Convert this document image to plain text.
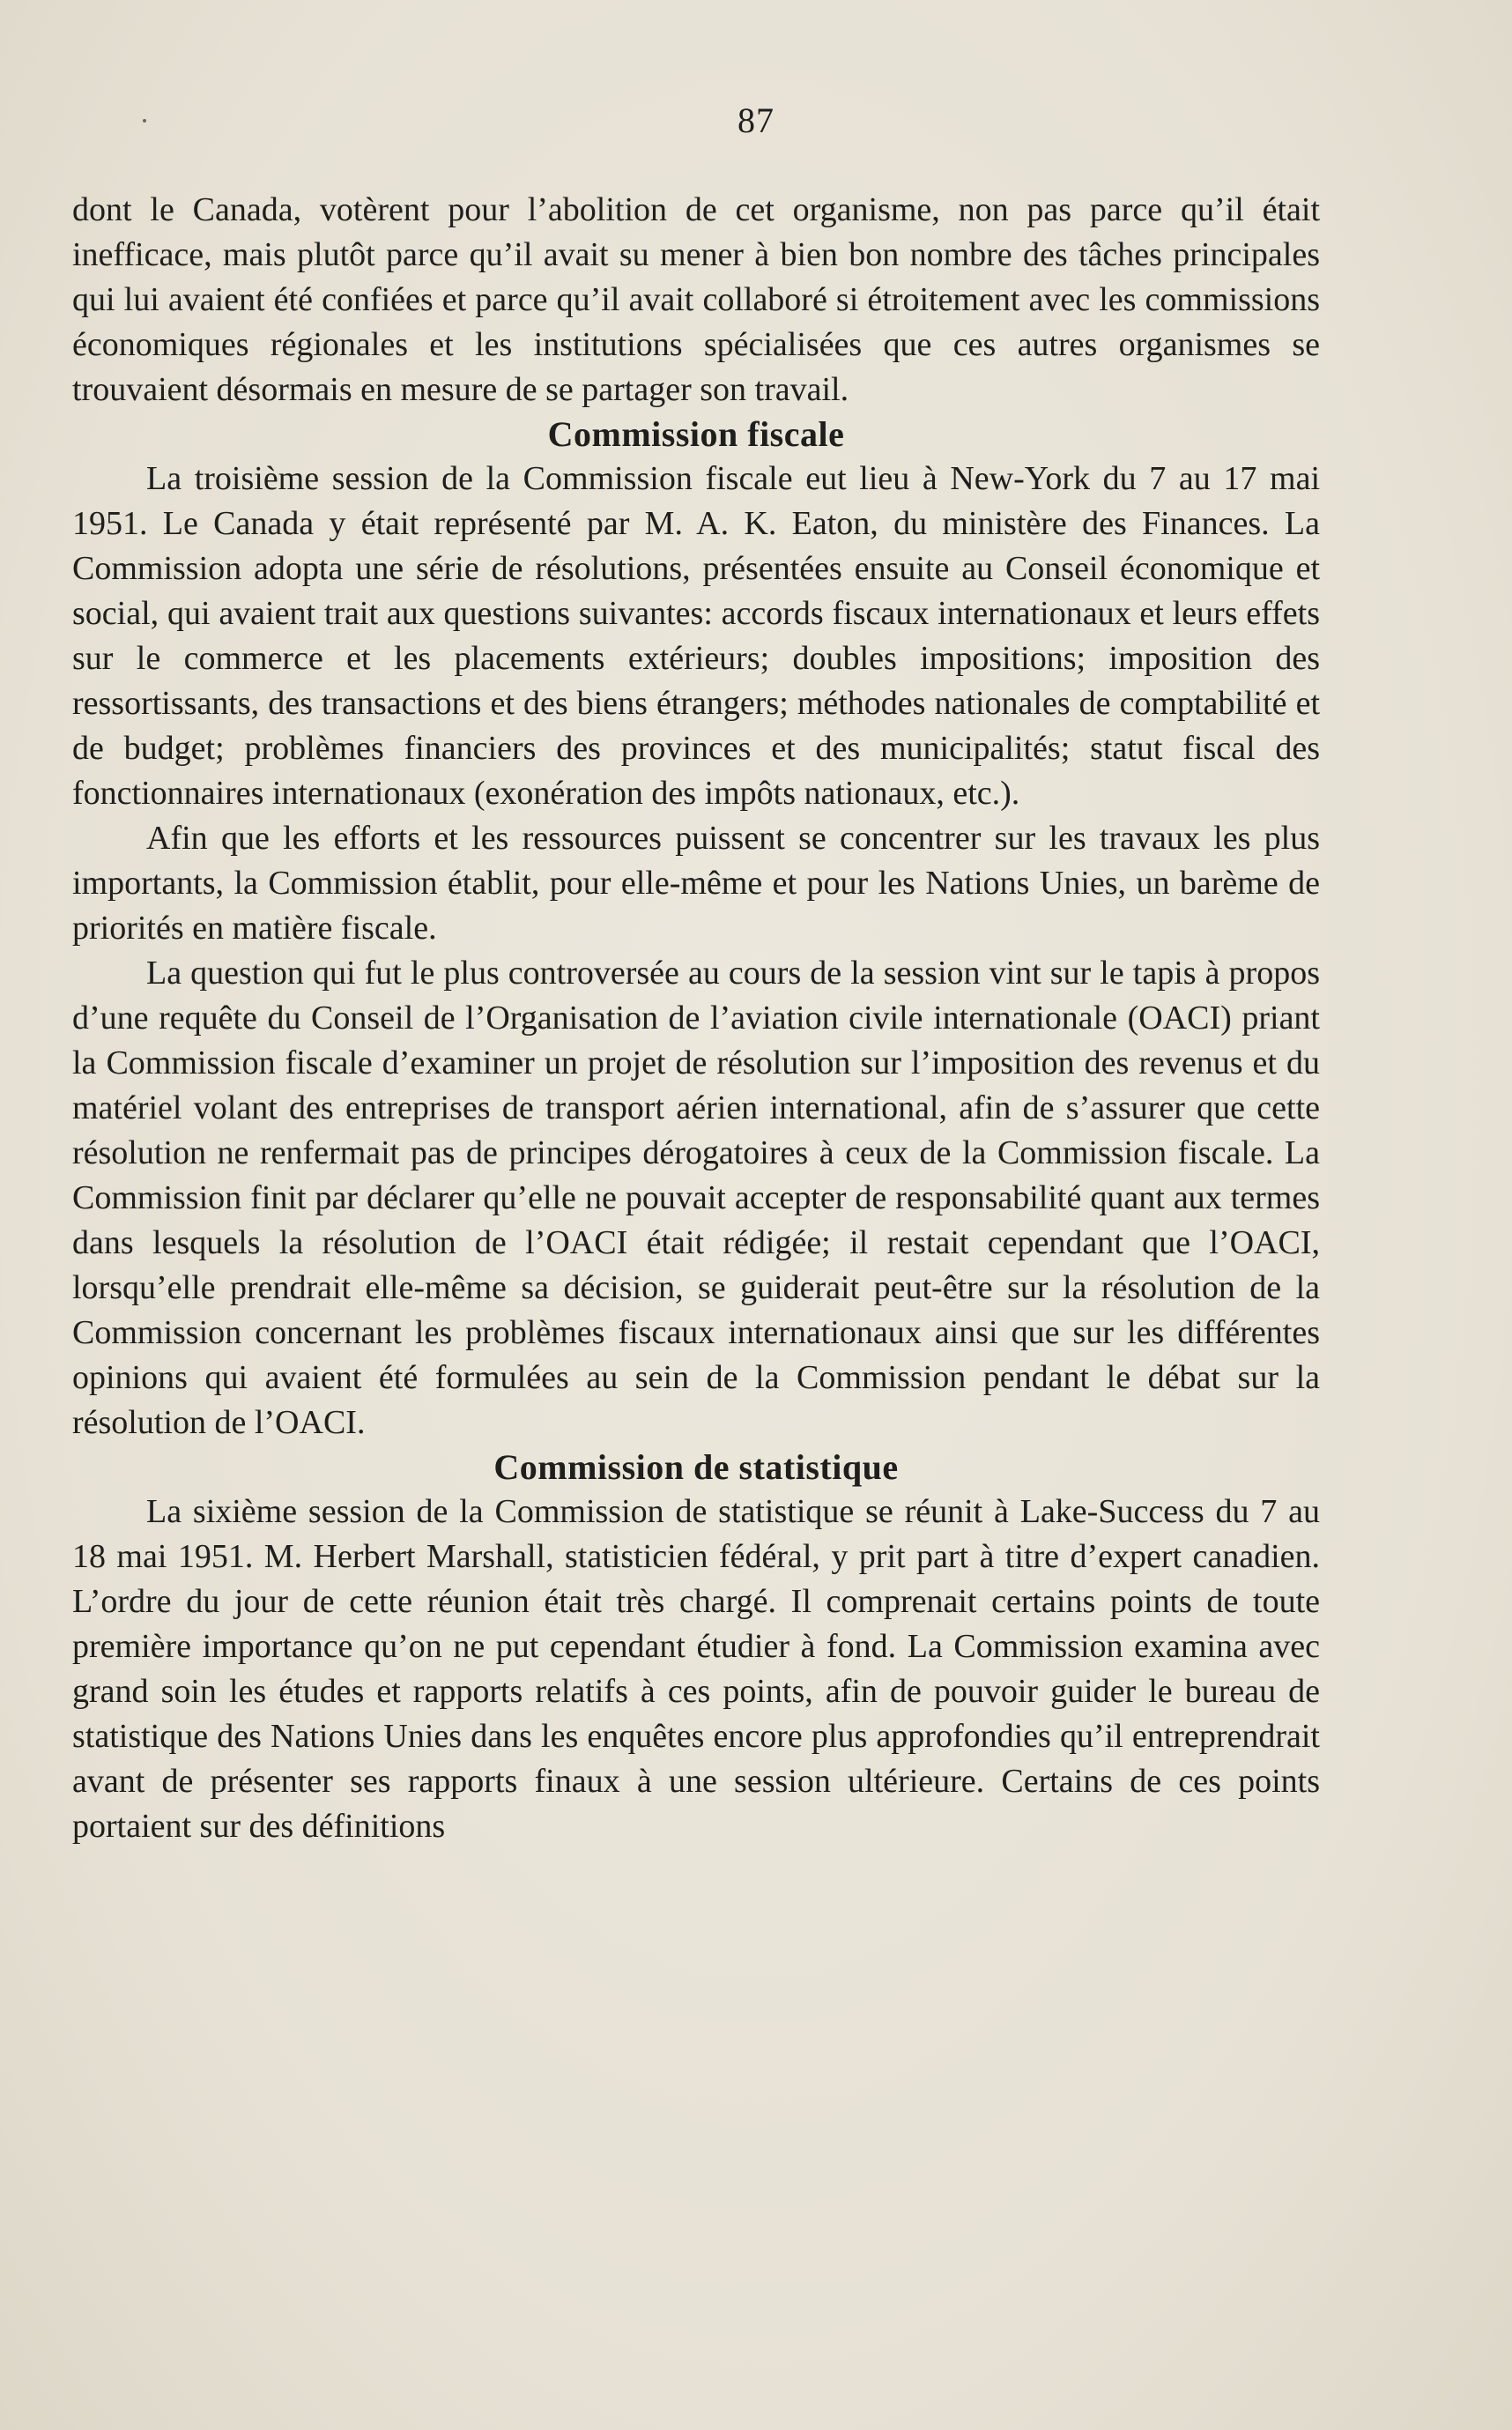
87

dont le Canada, votèrent pour l’abolition de cet organisme, non pas parce qu’il était inefficace, mais plutôt parce qu’il avait su mener à bien bon nombre des tâches principales qui lui avaient été confiées et parce qu’il avait collaboré si étroitement avec les commissions économiques régionales et les institutions spécialisées que ces autres organismes se trouvaient désormais en mesure de se partager son travail.

Commission fiscale

La troisième session de la Commission fiscale eut lieu à New-York du 7 au 17 mai 1951. Le Canada y était représenté par M. A. K. Eaton, du ministère des Finances. La Commission adopta une série de résolutions, présentées ensuite au Conseil économique et social, qui avaient trait aux questions suivantes: accords fiscaux internationaux et leurs effets sur le commerce et les placements extérieurs; doubles impositions; imposition des ressortissants, des transactions et des biens étrangers; méthodes nationales de comptabilité et de budget; problèmes financiers des provinces et des municipalités; statut fiscal des fonctionnaires internationaux (exonération des impôts nationaux, etc.).

Afin que les efforts et les ressources puissent se concentrer sur les travaux les plus importants, la Commission établit, pour elle-même et pour les Nations Unies, un barème de priorités en matière fiscale.

La question qui fut le plus controversée au cours de la session vint sur le tapis à propos d’une requête du Conseil de l’Organisation de l’aviation civile internationale (OACI) priant la Commission fiscale d’examiner un projet de résolution sur l’imposition des revenus et du matériel volant des entreprises de transport aérien international, afin de s’assurer que cette résolution ne renfermait pas de principes dérogatoires à ceux de la Commission fiscale. La Commission finit par déclarer qu’elle ne pouvait accepter de responsabilité quant aux termes dans lesquels la résolution de l’OACI était rédigée; il restait cependant que l’OACI, lorsqu’elle prendrait elle-même sa décision, se guiderait peut-être sur la résolution de la Commission concernant les problèmes fiscaux internationaux ainsi que sur les différentes opinions qui avaient été formulées au sein de la Commission pendant le débat sur la résolution de l’OACI.

Commission de statistique

La sixième session de la Commission de statistique se réunit à Lake-Success du 7 au 18 mai 1951. M. Herbert Marshall, statisticien fédéral, y prit part à titre d’expert canadien. L’ordre du jour de cette réunion était très chargé. Il comprenait certains points de toute première importance qu’on ne put cependant étudier à fond. La Commission examina avec grand soin les études et rapports relatifs à ces points, afin de pouvoir guider le bureau de statistique des Nations Unies dans les enquêtes encore plus approfondies qu’il entreprendrait avant de présenter ses rapports finaux à une session ultérieure. Certains de ces points portaient sur des définitions
